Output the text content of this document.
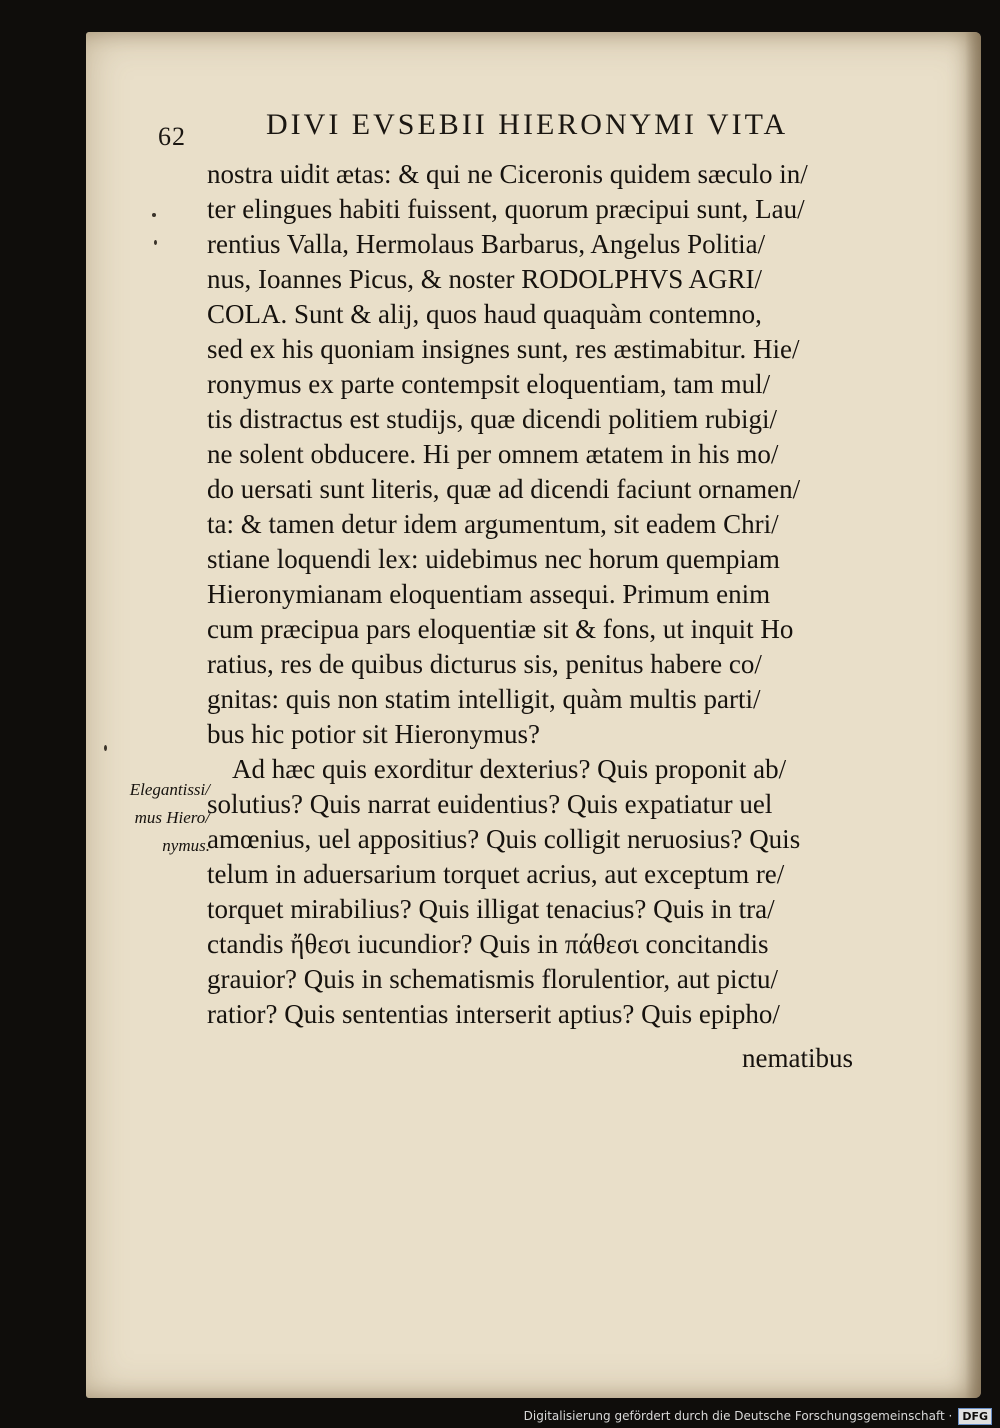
62	DIVI EVSEBII HIERONYMI VITA
nostra uidit ætas: & qui ne Ciceronis quidem sæculo in/
ter elingues habiti fuissent, quorum præcipui sunt, Lau/
rentius Valla, Hermolaus Barbarus, Angelus Politia/
nus, Ioannes Picus, & noster RODOLPHVS AGRI/
COLA. Sunt & alij, quos haud quaquàm contemno,
sed ex his quoniam insignes sunt, res æstimabitur. Hie/
ronymus ex parte contempsit eloquentiam, tam mul/
tis distractus est studijs, quæ dicendi politiem rubigi/
ne solent obducere. Hi per omnem ætatem in his mo/
do uersati sunt literis, quæ ad dicendi faciunt ornamen/
ta: & tamen detur idem argumentum, sit eadem Chri/
stiane loquendi lex: uidebimus nec horum quempiam
Hieronymianam eloquentiam assequi. Primum enim
cum præcipua pars eloquentiæ sit & fons, ut inquit Ho
ratius, res de quibus dicturus sis, penitus habere co/
gnitas: quis non statim intelligit, quàm multis parti/
bus hic potior sit Hieronymus?
Ad hæc quis exorditur dexterius? Quis proponit ab/
solutius? Quis narrat euidentius? Quis expatiatur uel
amœnius, uel appositius? Quis colligit neruosius? Quis
telum in aduersarium torquet acrius, aut exceptum re/
torquet mirabilius? Quis illigat tenacius? Quis in tra/
ctandis ἤθεσι iucundior? Quis in πάθεσι concitandis
grauior? Quis in schematismis florulentior, aut pictu/
ratior? Quis sententias interserit aptius? Quis epipho/
nematibus
Elegantissi/
mus Hiero/
nymus.
Digitalisierung gefördert durch die Deutsche Forschungsgemeinschaft · DFG
